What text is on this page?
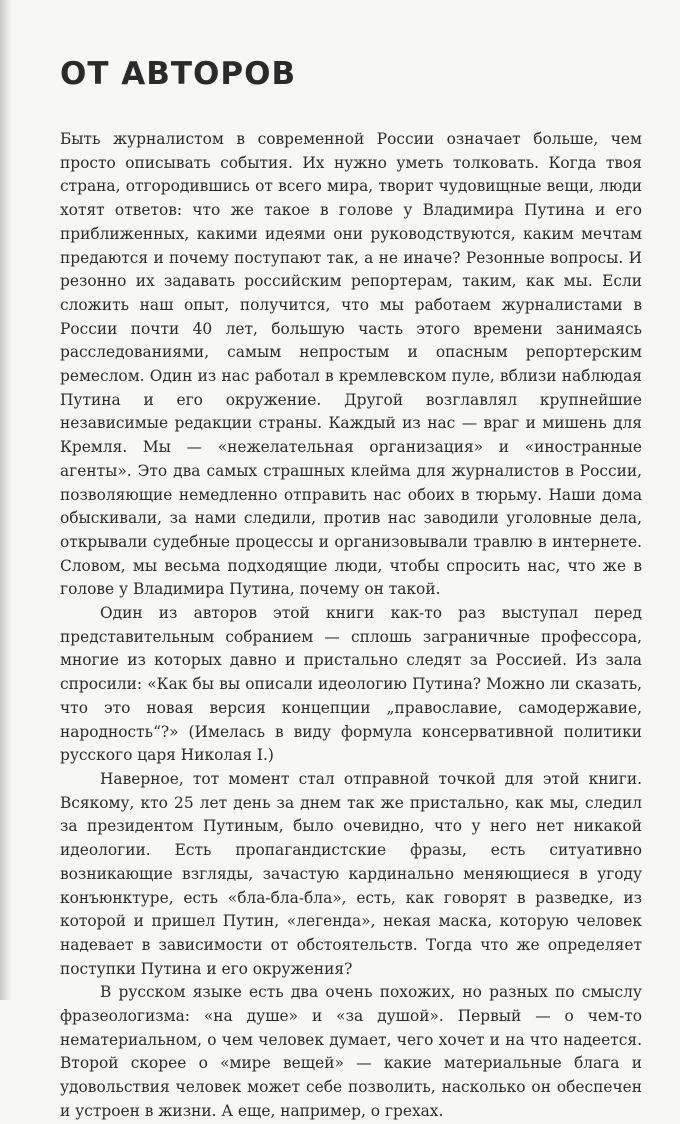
ОТ АВТОРОВ

Быть журналистом в современной России означает больше, чем просто описывать события. Их нужно уметь толковать. Когда твоя страна, отгородившись от всего мира, творит чудовищные вещи, люди хотят ответов: что же такое в голове у Владимира Путина и его приближенных, какими идеями они руководствуются, каким мечтам предаются и почему поступают так, а не иначе? Резонные вопросы. И резонно их задавать российским репортерам, таким, как мы. Если сложить наш опыт, получится, что мы работаем журналистами в России почти 40 лет, большую часть этого времени занимаясь расследованиями, самым непростым и опасным репортерским ремеслом. Один из нас работал в кремлевском пуле, вблизи наблюдая Путина и его окружение. Другой возглавлял крупнейшие независимые редакции страны. Каждый из нас — враг и мишень для Кремля. Мы — «нежелательная организация» и «иностранные агенты». Это два самых страшных клейма для журналистов в России, позволяющие немедленно отправить нас обоих в тюрьму. Наши дома обыскивали, за нами следили, против нас заводили уголовные дела, открывали судебные процессы и организовывали травлю в интернете. Словом, мы весьма подходящие люди, чтобы спросить нас, что же в голове у Владимира Путина, почему он такой.

Один из авторов этой книги как-то раз выступал перед представительным собранием — сплошь заграничные профессора, многие из которых давно и пристально следят за Россией. Из зала спросили: «Как бы вы описали идеологию Путина? Можно ли сказать, что это новая версия концепции „православие, самодержавие, народность“?» (Имелась в виду формула консервативной политики русского царя Николая I.)

Наверное, тот момент стал отправной точкой для этой книги. Всякому, кто 25 лет день за днем так же пристально, как мы, следил за президентом Путиным, было очевидно, что у него нет никакой идеологии. Есть пропагандистские фразы, есть ситуативно возникающие взгляды, зачастую кардинально меняющиеся в угоду конъюнктуре, есть «бла-бла-бла», есть, как говорят в разведке, из которой и пришел Путин, «легенда», некая маска, которую человек надевает в зависимости от обстоятельств. Тогда что же определяет поступки Путина и его окружения?

В русском языке есть два очень похожих, но разных по смыслу фразеологизма: «на душе» и «за душой». Первый — о чем-то нематериальном, о чем человек думает, чего хочет и на что надеется. Второй скорее о «мире вещей» — какие материальные блага и удовольствия человек может себе позволить, насколько он обеспечен и устроен в жизни. А еще, например, о грехах.
